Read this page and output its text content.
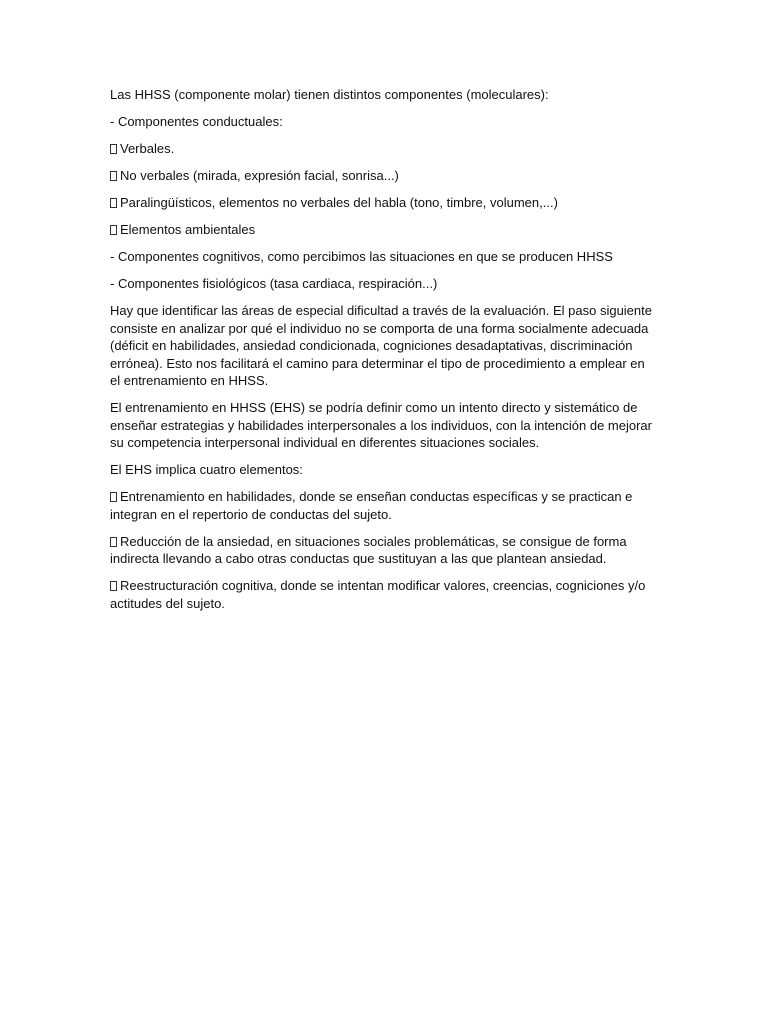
Las HHSS (componente molar) tienen distintos componentes (moleculares):

- Componentes conductuales:

Verbales.

No verbales (mirada, expresión facial, sonrisa...)

Paralingüísticos, elementos no verbales del habla (tono, timbre, volumen,...)

Elementos ambientales

- Componentes cognitivos, como percibimos las situaciones en que se producen HHSS

- Componentes fisiológicos (tasa cardiaca, respiración...)

Hay que identificar las áreas de especial dificultad a través de la evaluación. El paso siguiente consiste en analizar por qué el individuo no se comporta de una forma socialmente adecuada (déficit en habilidades, ansiedad condicionada, cogniciones desadaptativas, discriminación errónea). Esto nos facilitará el camino para determinar el tipo de procedimiento a emplear en el entrenamiento en HHSS.

El entrenamiento en HHSS (EHS) se podría definir como un intento directo y sistemático de enseñar estrategias y habilidades interpersonales a los individuos, con la intención de mejorar su competencia interpersonal individual en diferentes situaciones sociales.

El EHS implica cuatro elementos:

Entrenamiento en habilidades, donde se enseñan conductas específicas y se practican e integran en el repertorio de conductas del sujeto.

Reducción de la ansiedad, en situaciones sociales problemáticas, se consigue de forma indirecta llevando a cabo otras conductas que sustituyan a las que plantean ansiedad.

Reestructuración cognitiva, donde se intentan modificar valores, creencias, cogniciones y/o actitudes del sujeto.
